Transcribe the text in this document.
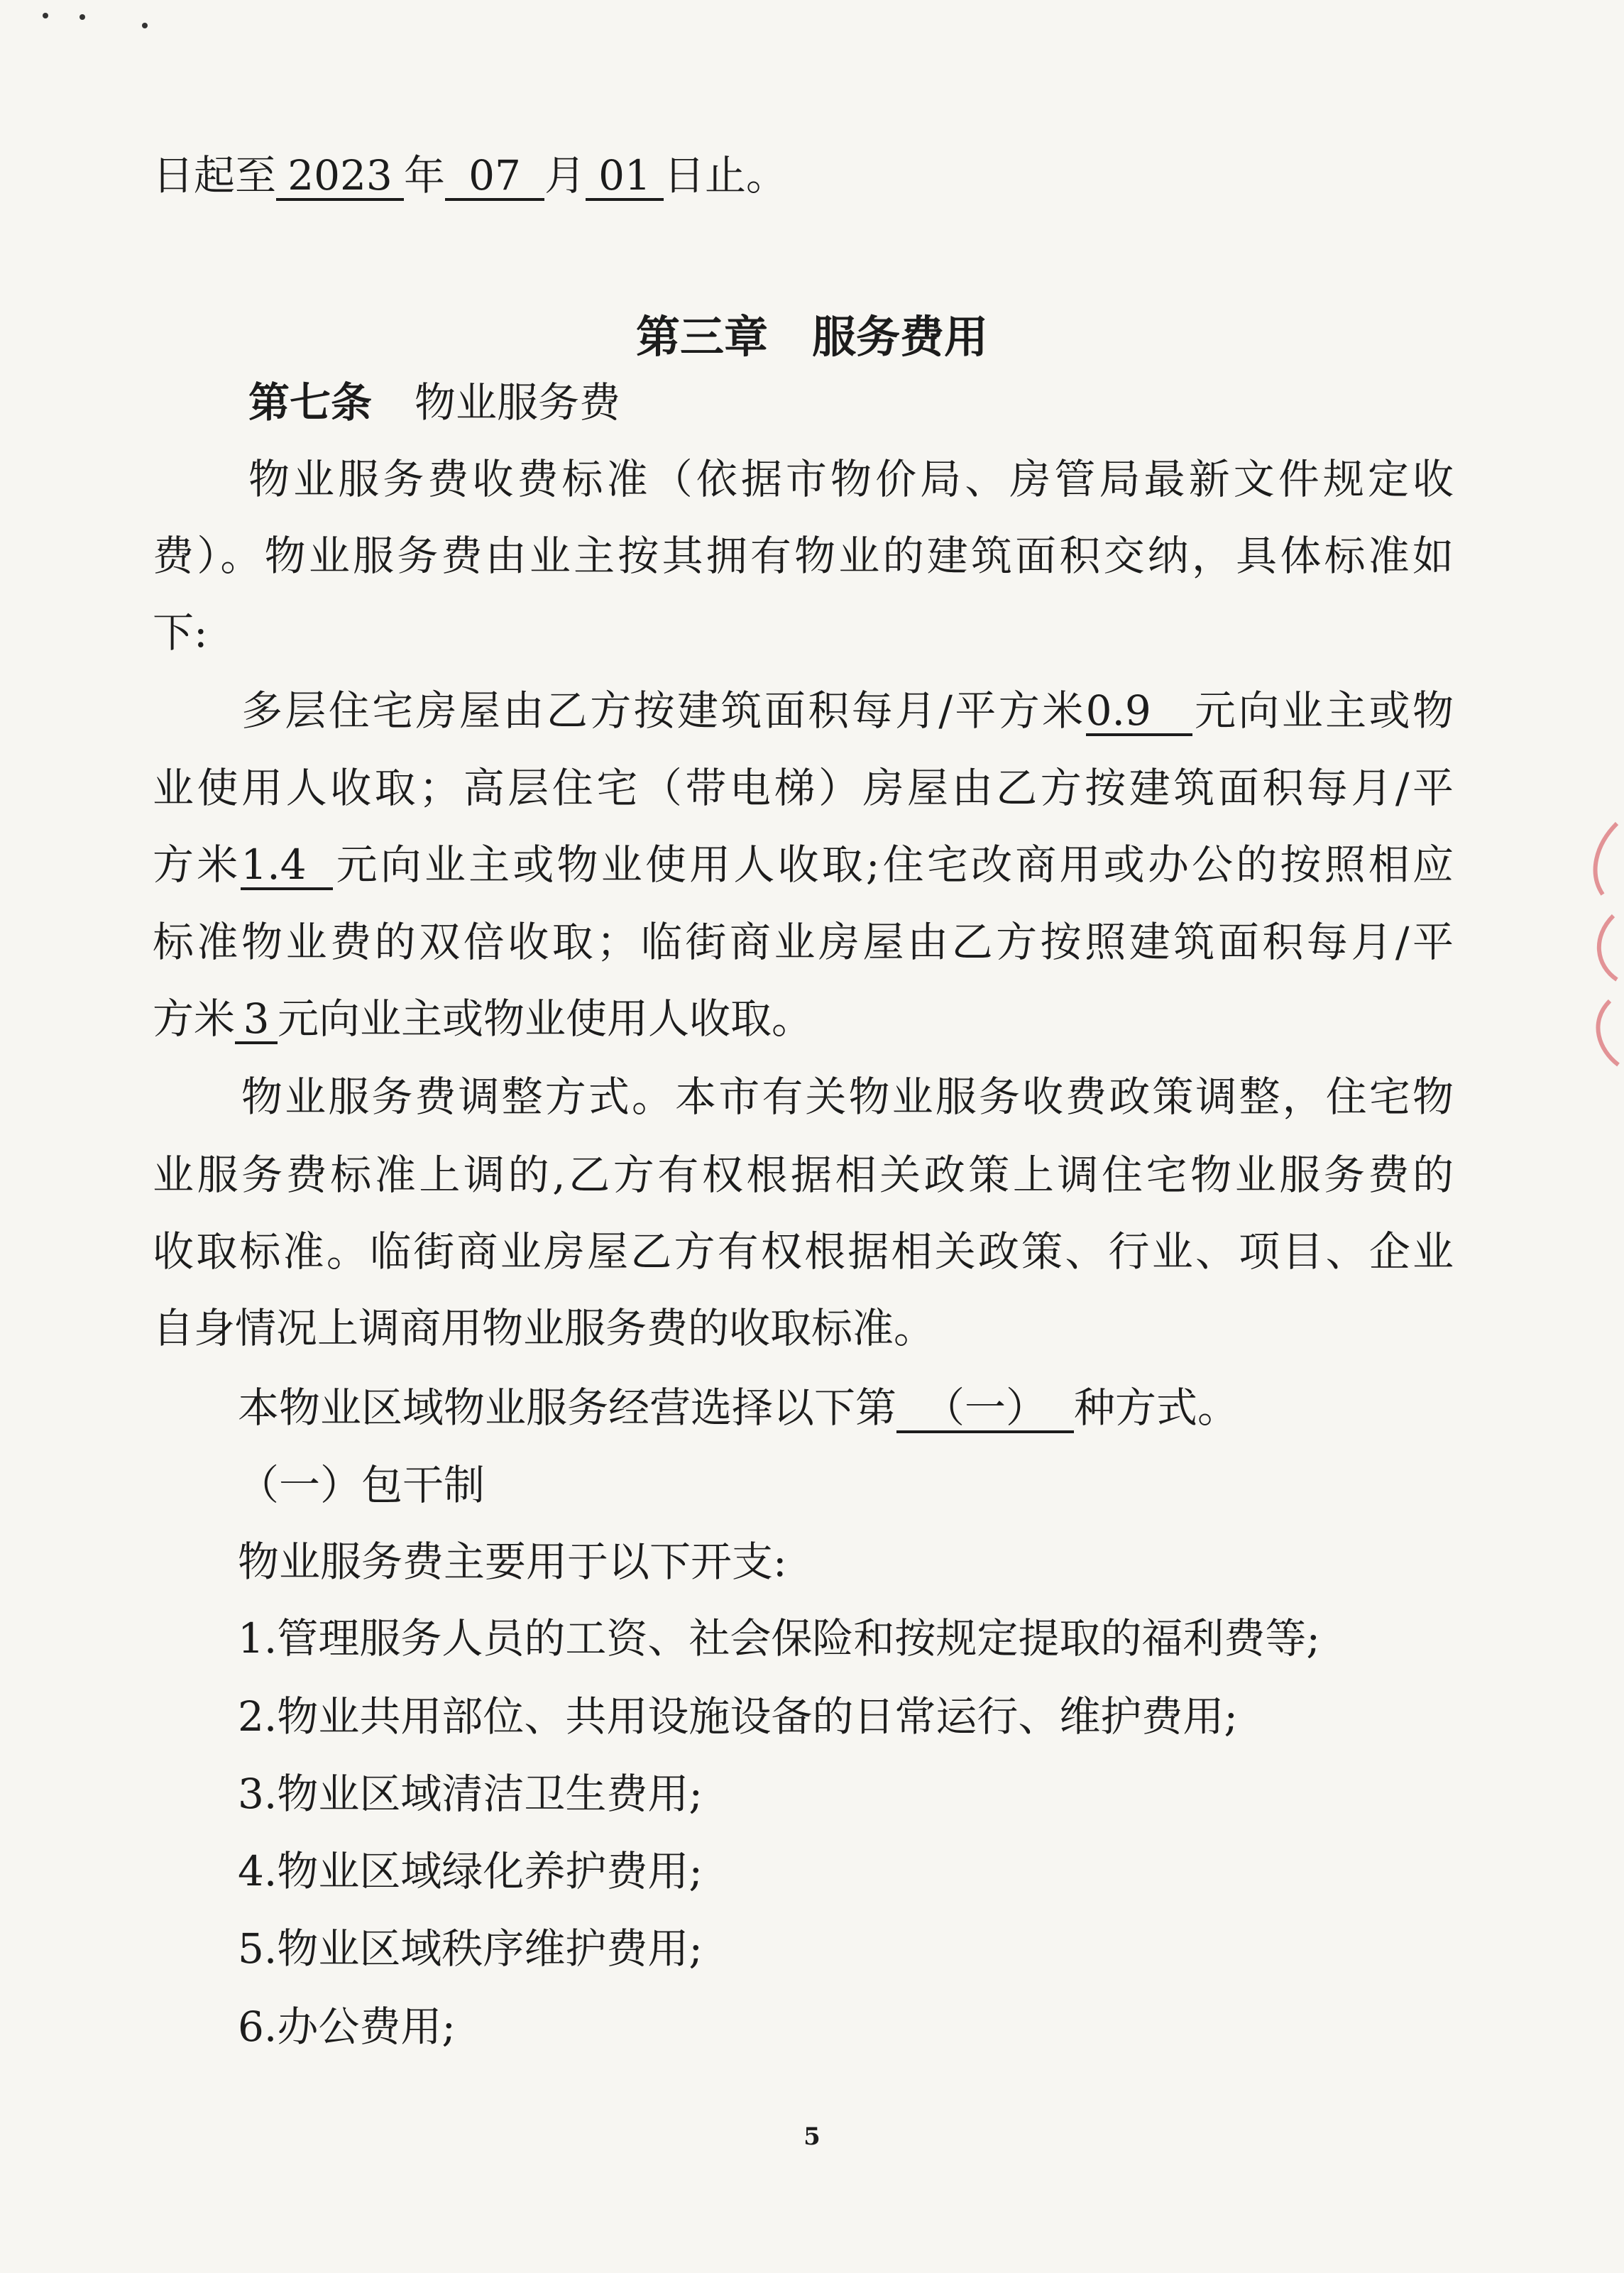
日起至 2023 年 07 月 01 日止。
第三章　服务费用
第七条 物业服务费
物业服务费收费标准（依据市物价局、房管局最新文件规定收
费）。物业服务费由业主按其拥有物业的建筑面积交纳，具体标准如
下:
多层住宅房屋由乙方按建筑面积每月/平方米0.9 元向业主或物
业使用人收取；高层住宅（带电梯）房屋由乙方按建筑面积每月/平
方米1.4 元向业主或物业使用人收取;住宅改商用或办公的按照相应
标准物业费的双倍收取；临街商业房屋由乙方按照建筑面积每月/平
方米 3 元向业主或物业使用人收取。
物业服务费调整方式。本市有关物业服务收费政策调整，住宅物
业服务费标准上调的,乙方有权根据相关政策上调住宅物业服务费的
收取标准。临街商业房屋乙方有权根据相关政策、行业、项目、企业
自身情况上调商用物业服务费的收取标准。
本物业区域物业服务经营选择以下第 （一） 种方式。
（一）包干制
物业服务费主要用于以下开支:
1.管理服务人员的工资、社会保险和按规定提取的福利费等;
2.物业共用部位、共用设施设备的日常运行、维护费用;
3.物业区域清洁卫生费用;
4.物业区域绿化养护费用;
5.物业区域秩序维护费用;
6.办公费用;
5
